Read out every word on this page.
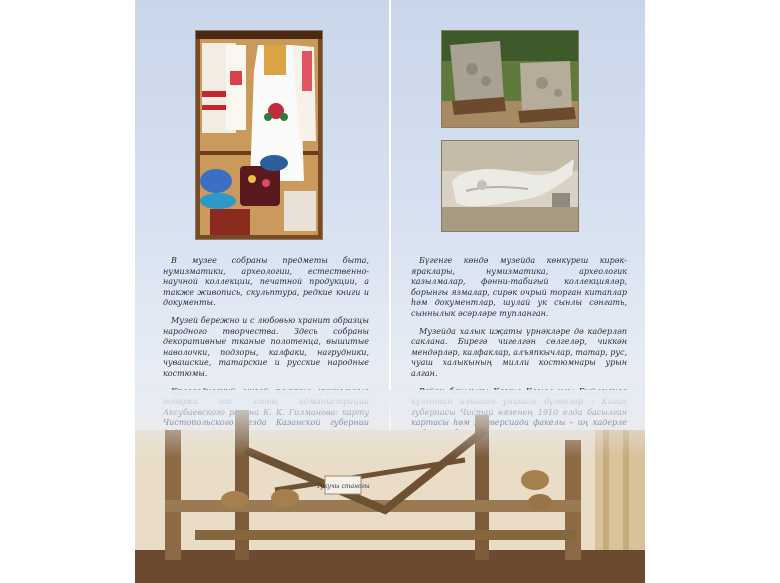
В музее собраны предметы быта, нумизматики, археологии, естественно-научной коллекции, печатной продукции, а также живопись, скульптура, редкие книги и документы.

Музей бережно и с любовью хранит образцы народного творчества. Здесь собраны декоративные тканые полотенца, вышитые наволочки, подзоры, калфаки, нагрудники, чувашские, татарские и русские народные костюмы.

Бүгенге көндә музейда көнкүреш кирәк-яраклары, нумизматика, археологик казылмалар, фәнни-табигый коллекцияләр, борынгы язмалар, сирәк очрый торган китаплар һәм документлар, шулай ук сынлы сәнгать, сыннылык әсәрләре тупланган.

Музейда халык иҗаты үрнәкләре дә кадерләп саклана. Бирегә чигелгән сөлгеләр, чиккән мендәрләр, калфаклар, алъяпкычлар, татар, рус, чуаш халыкының милли костюмнары урын алган.
